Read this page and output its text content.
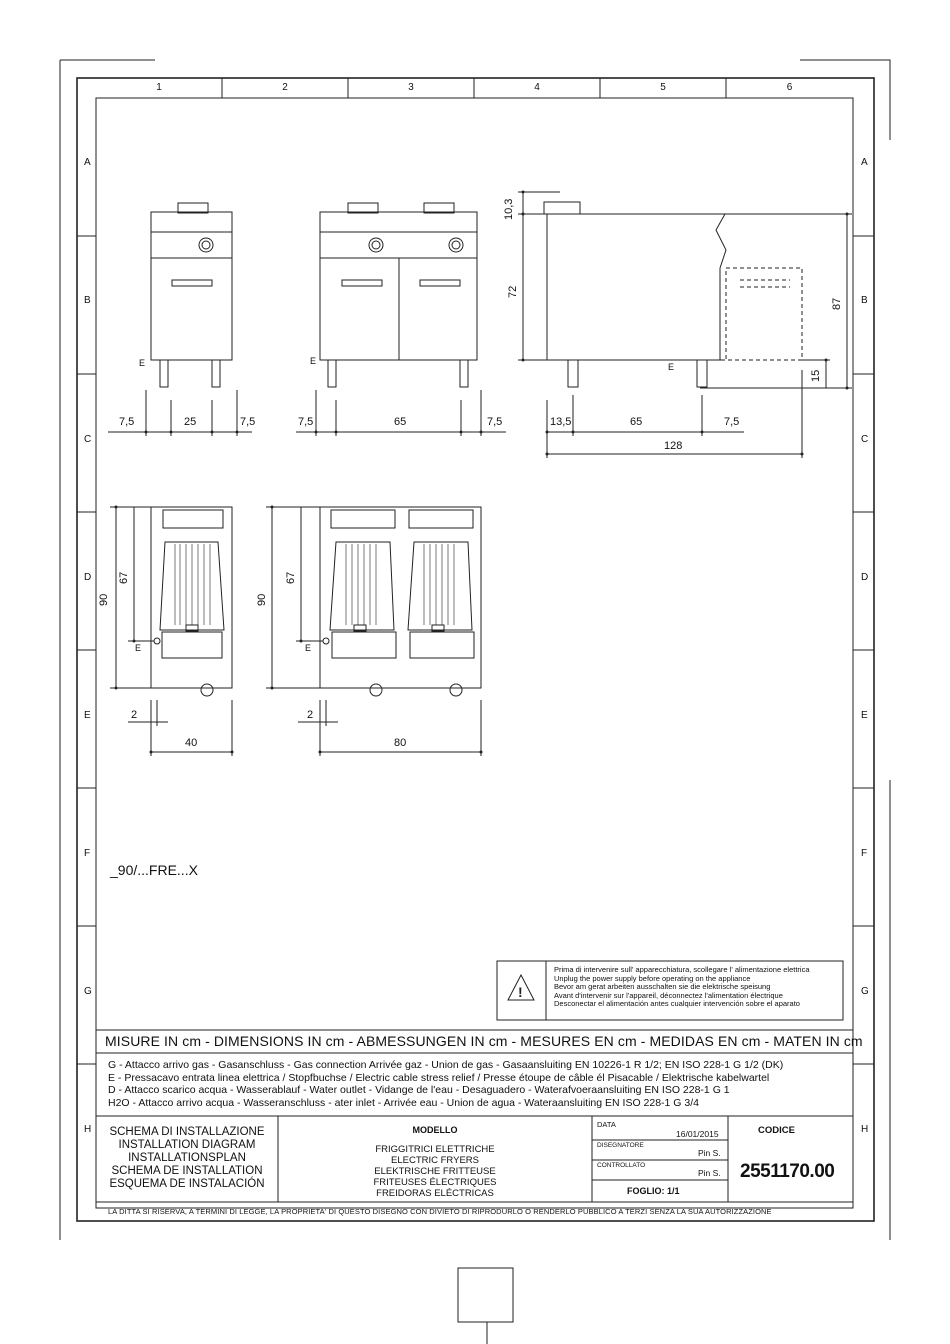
!
1	2	3	4	5	6
A
B
C
D
E
F
G
H
A
B
C
D
E
F
G
H
7,5	25	7,5	7,5	65	7,5	13,5	65	7,5
128
10,3
72
87
15
E	E
E
67
90
E
2
40
67
90
E
2
80
_90/...FRE...X
Prima di intervenire sull' apparecchiatura, scollegare l' alimentazione elettrica
Unplug the power supply before operating on the appliance
Bevor am gerat arbeiten ausschalten sie die elektrische speisung
Avant d'intervenir sur l'appareil, déconnectez l'alimentation électrique
Desconectar el alimentación antes cualquier intervención sobre el aparato
MISURE IN cm - DIMENSIONS IN cm - ABMESSUNGEN IN cm - MESURES EN cm - MEDIDAS EN cm - MATEN IN cm
G - Attacco arrivo gas - Gasanschluss - Gas connection Arrivée gaz - Union de gas - Gasaansluiting EN 10226-1 R 1/2; EN ISO 228-1 G 1/2 (DK)
E - Pressacavo entrata linea elettrica / Stopfbuchse / Electric cable stress relief / Presse étoupe de câble él Pisacable / Elektrische kabelwartel
D - Attacco scarico acqua - Wasserablauf - Water outlet - Vidange de l'eau - Desaguadero - Waterafvoeraansluiting EN ISO 228-1 G 1
H2O - Attacco arrivo acqua - Wasseranschluss - ater inlet - Arrivée eau - Union de agua - Wateraansluiting EN ISO 228-1 G 3/4
SCHEMA DI INSTALLAZIONE
INSTALLATION DIAGRAM
INSTALLATIONSPLAN
SCHEMA DE INSTALLATION
ESQUEMA DE INSTALACIÓN
MODELLO
FRIGGITRICI ELETTRICHE
ELECTRIC FRYERS
ELEKTRISCHE FRITTEUSE
FRITEUSES ÉLECTRIQUES
FREIDORAS ELÉCTRICAS
DATA
16/01/2015
DISEGNATORE
Pin S.
CONTROLLATO
Pin S.
FOGLIO: 1/1
CODICE
2551170.00
LA DITTA SI RISERVA, A TERMINI DI LEGGE, LA PROPRIETA' DI QUESTO DISEGNO CON DIVIETO DI RIPRODURLO O RENDERLO PUBBLICO A TERZI SENZA LA SUA AUTORIZZAZIONE
